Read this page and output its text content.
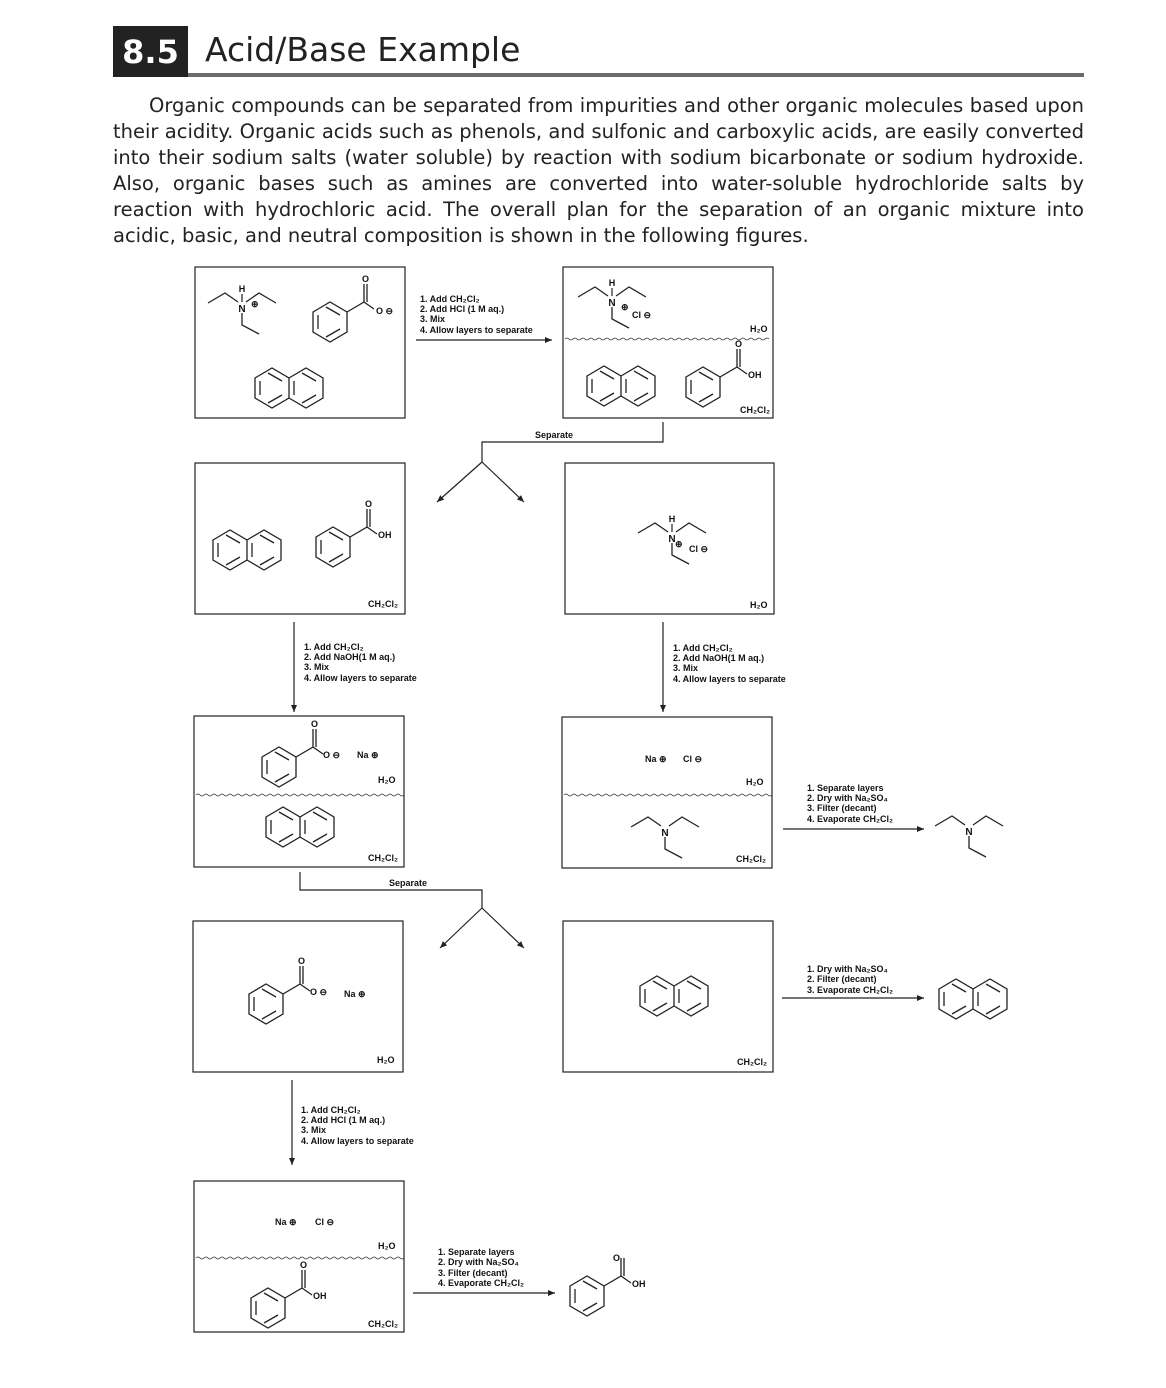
8.5 Acid/Base Example

Organic compounds can be separated from impurities and other organic molecules based upon their acidity. Organic acids such as phenols, and sulfonic and carboxylic acids, are easily converted into their sodium salts (water soluble) by reaction with sodium bicarbonate or sodium hydroxide. Also, organic bases such as amines are converted into water-soluble hydrochloride salts by reaction with hydrochloric acid. The overall plan for the separation of an organic mixture into acidic, basic, and neutral composition is shown in the following figures.

N
H
⊕
O
O ⊖
1. Add CH₂Cl₂
2. Add HCl (1 M aq.)
3. Mix
4. Allow layers to separate
N
H
⊕
Cl ⊖
H₂O
O
OH
CH₂Cl₂
Separate
O
OH
CH₂Cl₂
N
H
⊕ Cl ⊖
H₂O
1. Add CH₂Cl₂
2. Add NaOH(1 M aq.)
3. Mix
4. Allow layers to separate
1. Add CH₂Cl₂
2. Add NaOH(1 M aq.)
3. Mix
4. Allow layers to separate
O
O ⊖ Na ⊕
H₂O
CH₂Cl₂
Na ⊕ Cl ⊖
H₂O
N
CH₂Cl₂
1. Separate layers
2. Dry with Na₂SO₄
3. Filter (decant)
4. Evaporate CH₂Cl₂
N
Separate
O
O ⊖ Na ⊕
H₂O	CH₂Cl₂
1. Dry with Na₂SO₄
2. Filter (decant)
3. Evaporate CH₂Cl₂
1. Add CH₂Cl₂
2. Add HCl (1 M aq.)
3. Mix
4. Allow layers to separate
Na ⊕ Cl ⊖
H₂O
O
OH
CH₂Cl₂
1. Separate layers
2. Dry with Na₂SO₄
3. Filter (decant)
4. Evaporate CH₂Cl₂
O
OH
